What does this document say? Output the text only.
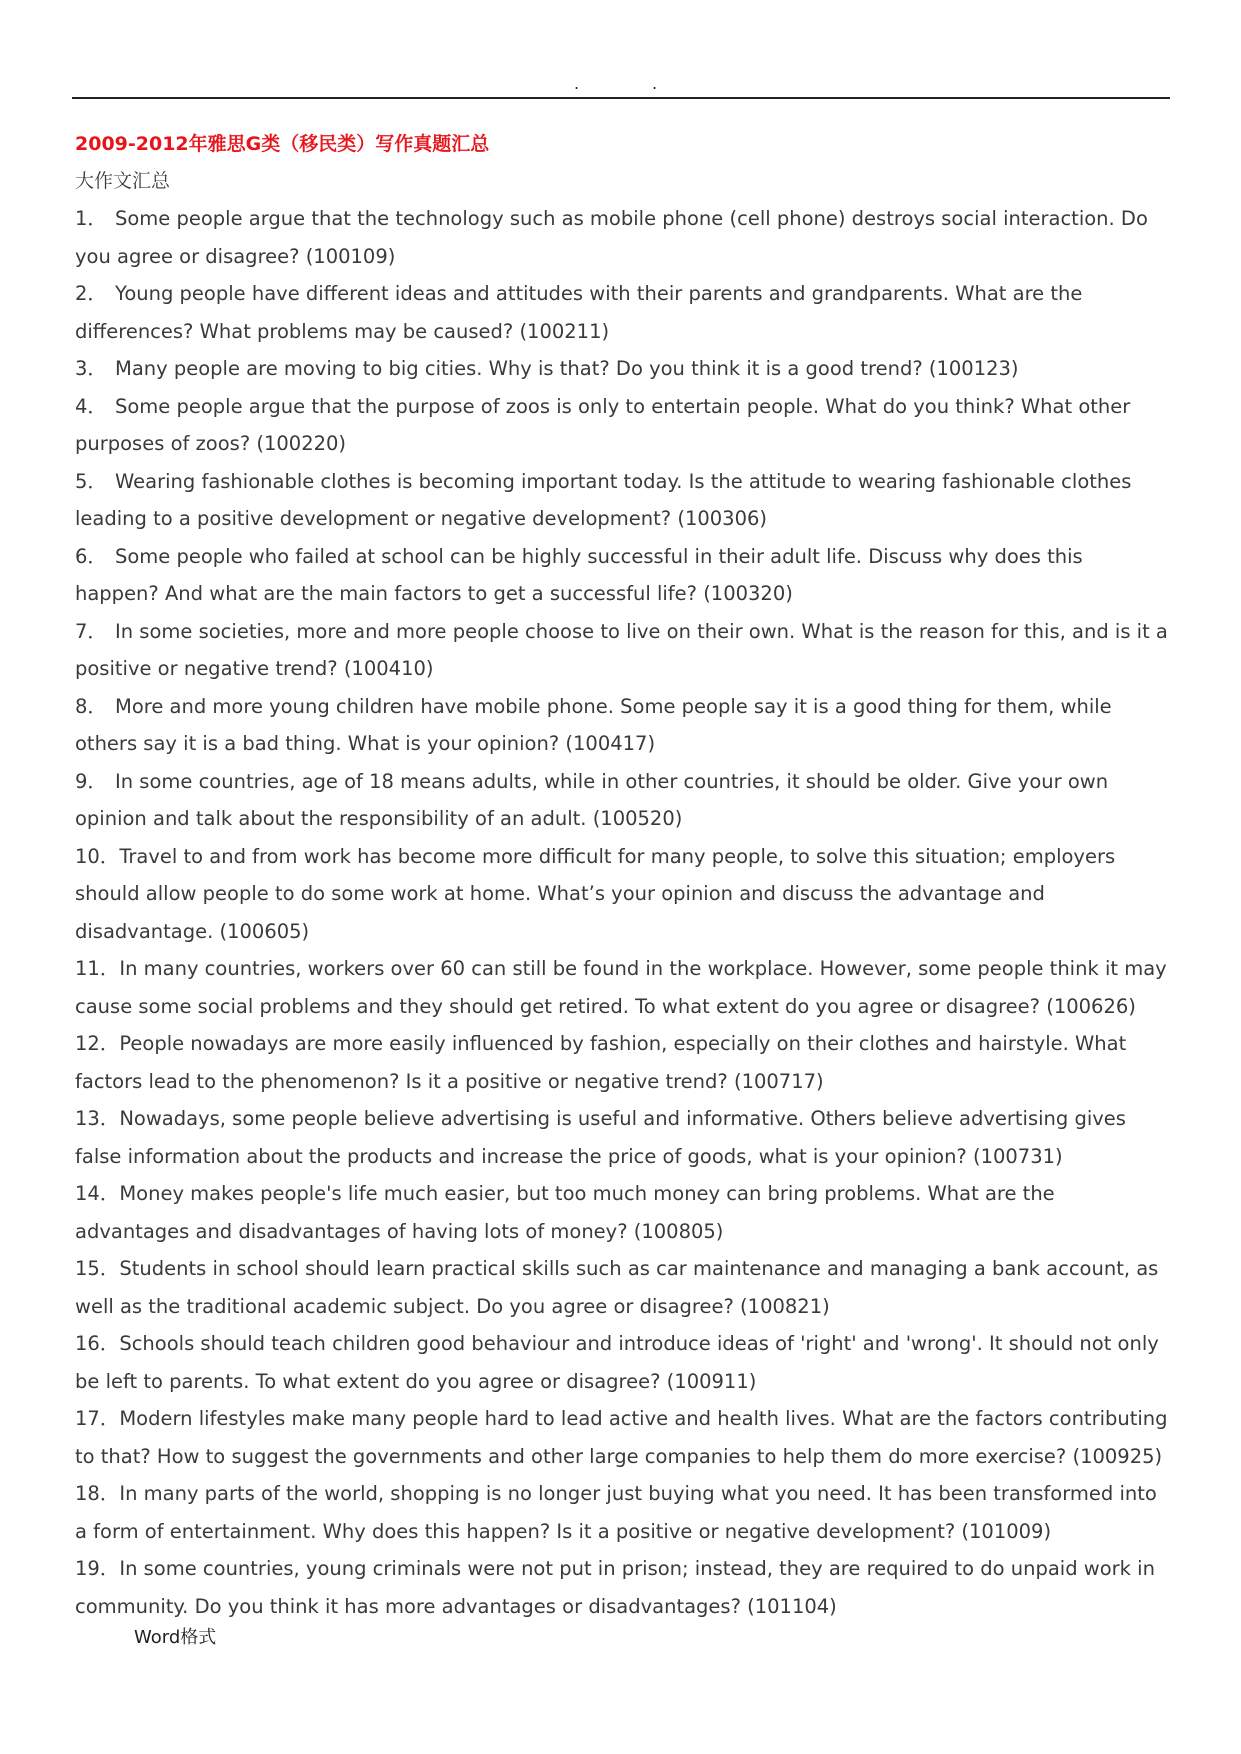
.	.
2009-2012年雅思G类（移民类）写作真题汇总
大作文汇总
1． Some people argue that the technology such as mobile phone (cell phone) destroys social interaction. Do you agree or disagree? (100109)
2． Young people have different ideas and attitudes with their parents and grandparents. What are the differences? What problems may be caused? (100211)
3． Many people are moving to big cities. Why is that? Do you think it is a good trend? (100123)
4． Some people argue that the purpose of zoos is only to entertain people. What do you think? What other purposes of zoos? (100220)
5． Wearing fashionable clothes is becoming important today. Is the attitude to wearing fashionable clothes leading to a positive development or negative development? (100306)
6． Some people who failed at school can be highly successful in their adult life. Discuss why does this happen? And what are the main factors to get a successful life? (100320)
7． In some societies, more and more people choose to live on their own. What is the reason for this, and is it a positive or negative trend? (100410)
8． More and more young children have mobile phone. Some people say it is a good thing for them, while others say it is a bad thing. What is your opinion? (100417)
9． In some countries, age of 18 means adults, while in other countries, it should be older. Give your own opinion and talk about the responsibility of an adult. (100520)
10．Travel to and from work has become more difficult for many people, to solve this situation; employers should allow people to do some work at home. What’s your opinion and discuss the advantage and disadvantage. (100605)
11．In many countries, workers over 60 can still be found in the workplace. However, some people think it may cause some social problems and they should get retired. To what extent do you agree or disagree? (100626)
12．People nowadays are more easily influenced by fashion, especially on their clothes and hairstyle. What factors lead to the phenomenon? Is it a positive or negative trend? (100717)
13．Nowadays, some people believe advertising is useful and informative. Others believe advertising gives false information about the products and increase the price of goods, what is your opinion? (100731)
14．Money makes people's life much easier, but too much money can bring problems. What are the advantages and disadvantages of having lots of money? (100805)
15．Students in school should learn practical skills such as car maintenance and managing a bank account, as well as the traditional academic subject. Do you agree or disagree? (100821)
16．Schools should teach children good behaviour and introduce ideas of 'right' and 'wrong'. It should not only be left to parents. To what extent do you agree or disagree? (100911)
17．Modern lifestyles make many people hard to lead active and health lives. What are the factors contributing to that? How to suggest the governments and other large companies to help them do more exercise? (100925)
18．In many parts of the world, shopping is no longer just buying what you need. It has been transformed into a form of entertainment. Why does this happen? Is it a positive or negative development? (101009)
19．In some countries, young criminals were not put in prison; instead, they are required to do unpaid work in community. Do you think it has more advantages or disadvantages? (101104)
Word格式
